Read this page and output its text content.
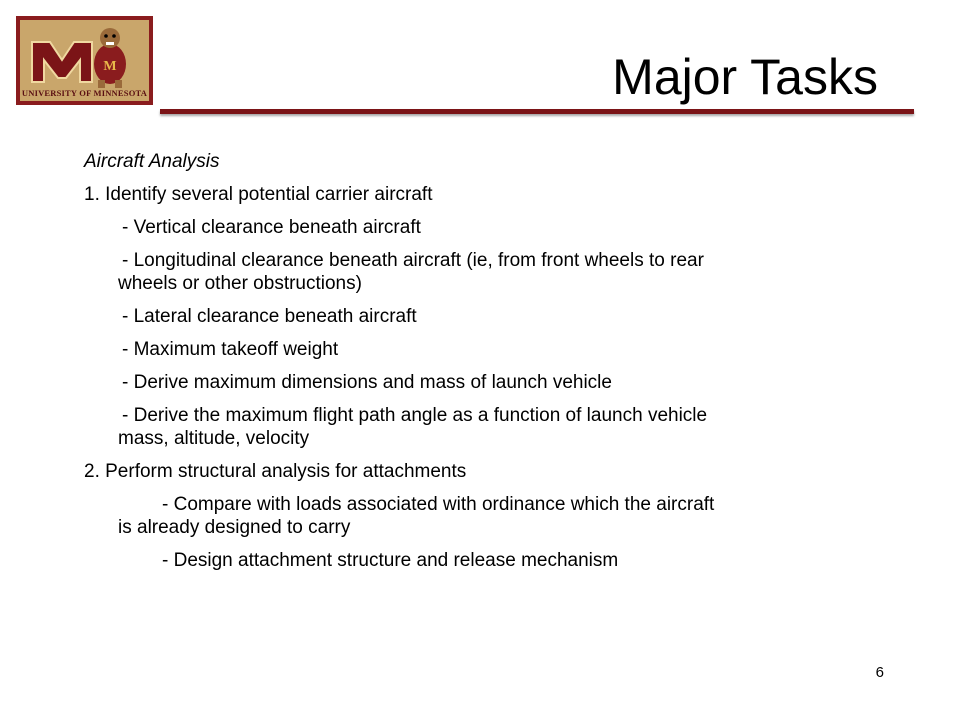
M
UNIVERSITY OF MINNESOTA	Major Tasks

Aircraft Analysis

1. Identify several potential carrier aircraft

- Vertical clearance beneath aircraft

- Longitudinal clearance beneath aircraft (ie, from front wheels to rear
wheels or other obstructions)

- Lateral clearance beneath aircraft

- Maximum takeoff weight

- Derive maximum dimensions and mass of launch vehicle

- Derive the maximum flight path angle as a function of launch vehicle
mass, altitude, velocity

2. Perform structural analysis for attachments

- Compare with loads associated with ordinance which the aircraft
is already designed to carry

- Design attachment structure and release mechanism

6
